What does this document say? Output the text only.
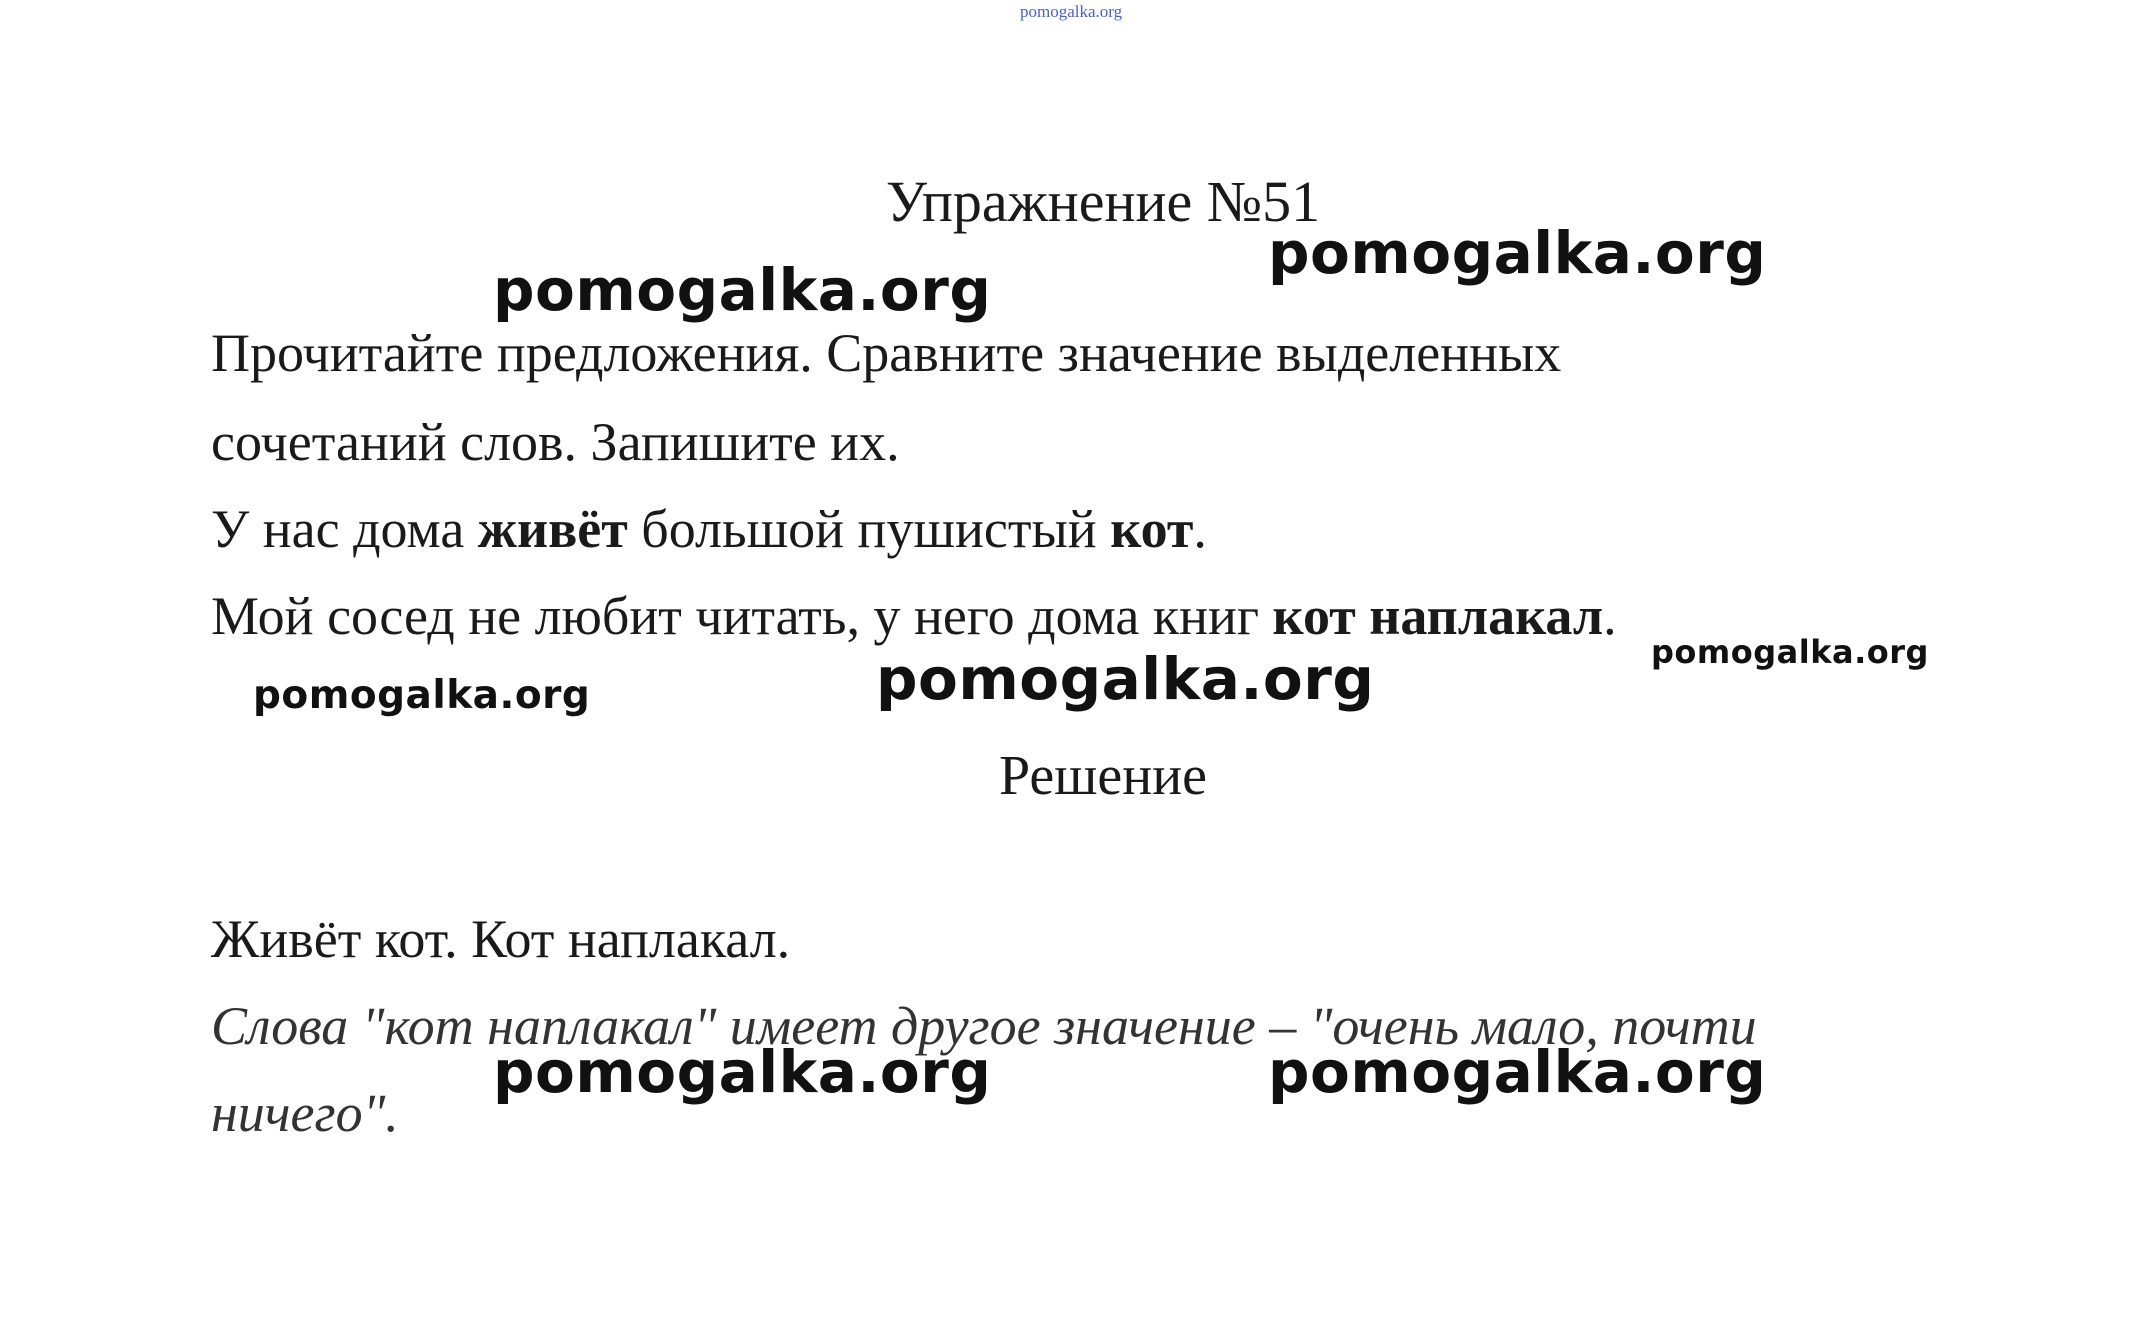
pomogalka.org
Упражнение №51
Прочитайте предложения. Сравните значение выделенных
сочетаний слов. Запишите их.
У нас дома живёт большой пушистый кот.
Мой сосед не любит читать, у него дома книг кот наплакал.
Решение
Живёт кот. Кот наплакал.
Слова "кот наплакал" имеет другое значение – "очень мало, почти
ничего".
pomogalka.org
pomogalka.org
pomogalka.org
pomogalka.org
pomogalka.org
pomogalka.org	pomogalka.org
